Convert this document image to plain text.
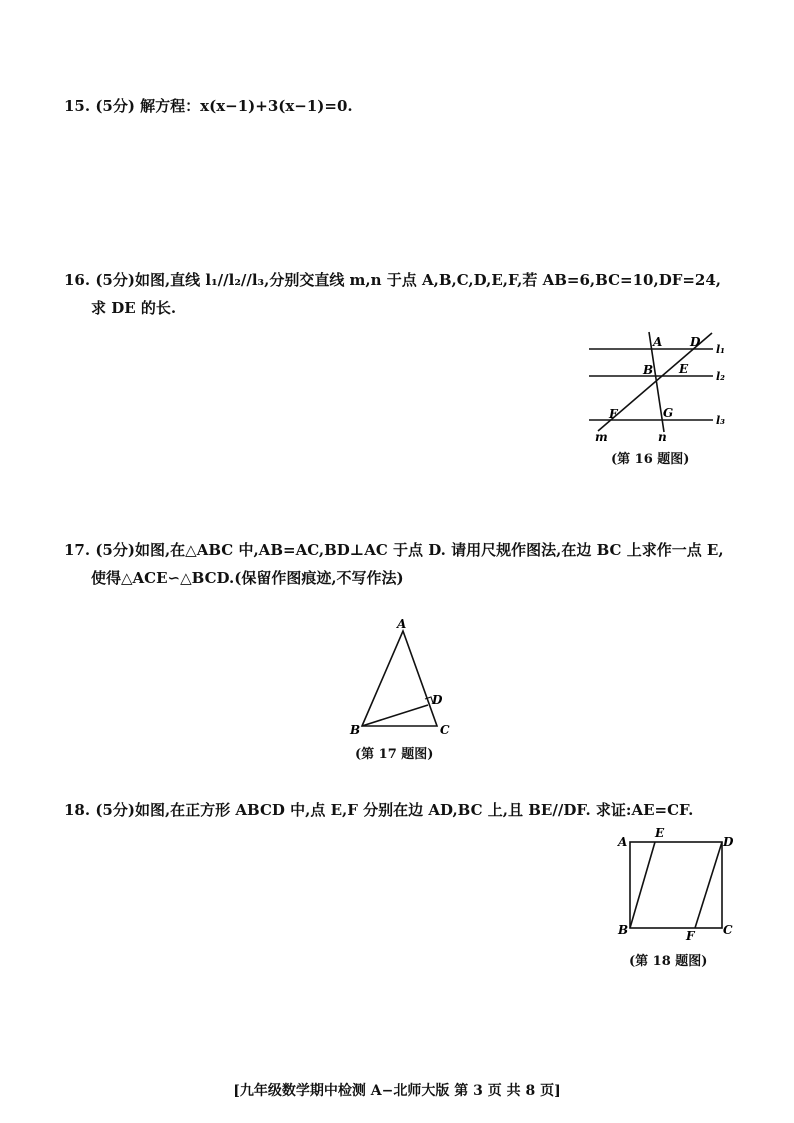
15. (5分) 解方程：x(x−1)+3(x−1)=0.
16. (5分)如图,直线 l₁//l₂//l₃,分别交直线 m,n 于点 A,B,C,D,E,F,若 AB=6,BC=10,DF=24,
求 DE 的长.
A D
B E
F	G
m	n
l₁
l₂
l₃
(第 16 题图)
17. (5分)如图,在△ABC 中,AB=AC,BD⊥AC 于点 D. 请用尺规作图法,在边 BC 上求作一点 E,
使得△ACE∽△BCD.(保留作图痕迹,不写作法)
A
B	C
D
(第 17 题图)
18. (5分)如图,在正方形 ABCD 中,点 E,F 分别在边 AD,BC 上,且 BE//DF. 求证:AE=CF.
A
E
D
B	F C
(第 18 题图)
[九年级数学期中检测 A−北师大版 第 3 页 共 8 页]
